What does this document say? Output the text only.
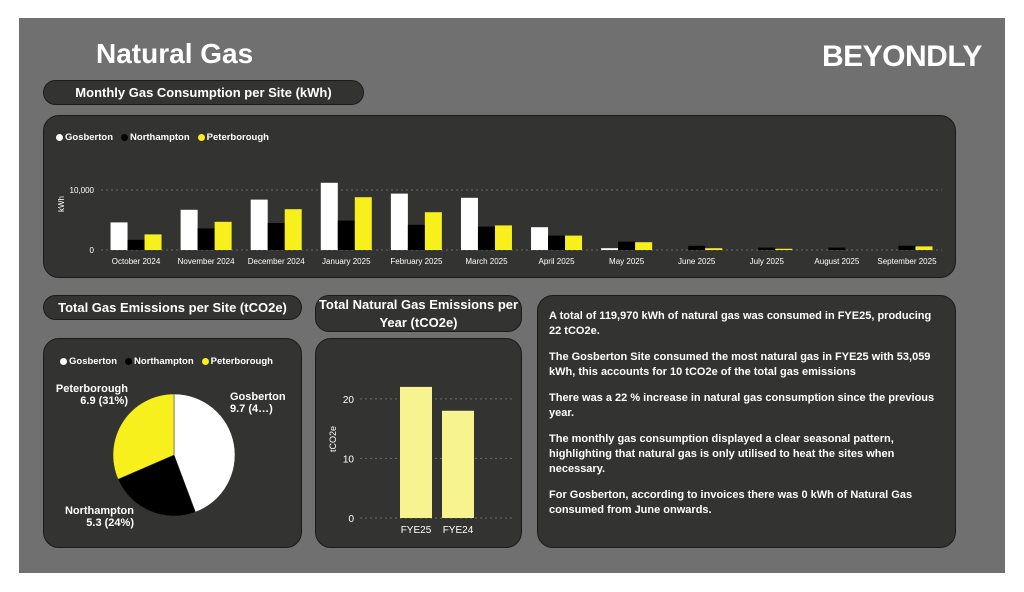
Natural Gas	BEYONDLY
Monthly Gas Consumption per Site (kWh)
Gosberton Northampton Peterborough
kWh
0
10,000
October 2024 November 2024 December 2024 January 2025 February 2025	March 2025	April 2025	May 2025	June 2025	July 2025	August 2025 September 2025
Total Gas Emissions per Site (tCO2e)
Gosberton Northampton Peterborough
Gosberton
9.7 (4…)
Northampton
5.3 (24%)
Peterborough
6.9 (31%)
Total Natural Gas Emissions per Year (tCO2e)
tCO2e
0
10
20
FYE25 FYE24

A total of 119,970 kWh of natural gas was consumed in FYE25, producing 22 tCO2e.

The Gosberton Site consumed the most natural gas in FYE25 with 53,059 kWh, this accounts for 10 tCO2e of the total gas emissions

There was a 22 % increase in natural gas consumption since the previous year.

The monthly gas consumption displayed a clear seasonal pattern, highlighting that natural gas is only utilised to heat the sites when necessary.

For Gosberton, according to invoices there was 0 kWh of Natural Gas consumed from June onwards.
